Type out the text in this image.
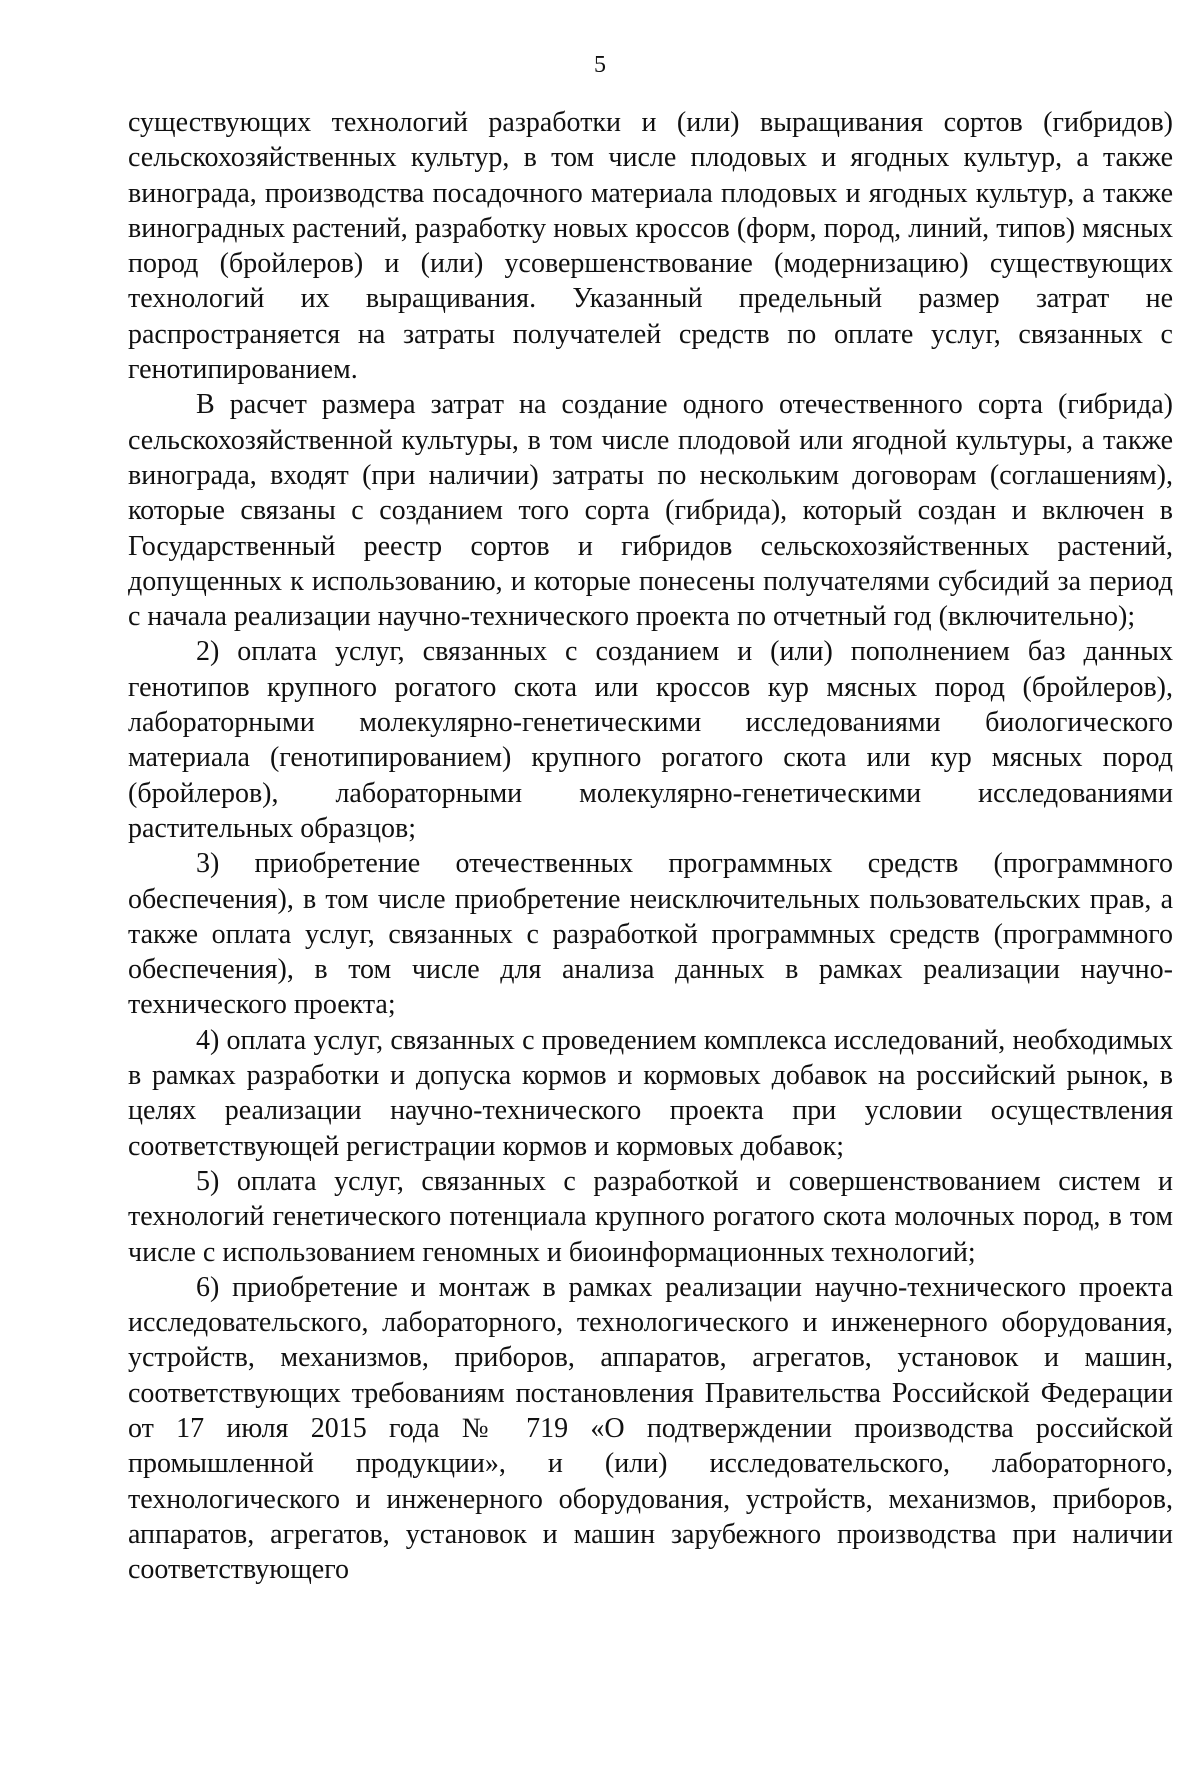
5

существующих технологий разработки и (или) выращивания сортов (гибридов) сельскохозяйственных культур, в том числе плодовых и ягодных культур, а также винограда, производства посадочного материала плодовых и ягодных культур, а также виноградных растений, разработку новых кроссов (форм, пород, линий, типов) мясных пород (бройлеров) и (или) усовершенствование (модернизацию) существующих технологий их выращивания. Указанный предельный размер затрат не распространяется на затраты получателей средств по оплате услуг, связанных с генотипированием.

В расчет размера затрат на создание одного отечественного сорта (гибрида) сельскохозяйственной культуры, в том числе плодовой или ягодной культуры, а также винограда, входят (при наличии) затраты по нескольким договорам (соглашениям), которые связаны с созданием того сорта (гибрида), который создан и включен в Государственный реестр сортов и гибридов сельскохозяйственных растений, допущенных к использованию, и которые понесены получателями субсидий за период с начала реализации научно-технического проекта по отчетный год (включительно);

2) оплата услуг, связанных с созданием и (или) пополнением баз данных генотипов крупного рогатого скота или кроссов кур мясных пород (бройлеров), лабораторными молекулярно-генетическими исследованиями биологического материала (генотипированием) крупного рогатого скота или кур мясных пород (бройлеров), лабораторными молекулярно-генетическими исследованиями растительных образцов;

3) приобретение отечественных программных средств (программного обеспечения), в том числе приобретение неисключительных пользовательских прав, а также оплата услуг, связанных с разработкой программных средств (программного обеспечения), в том числе для анализа данных в рамках реализации научно-технического проекта;

4) оплата услуг, связанных с проведением комплекса исследований, необходимых в рамках разработки и допуска кормов и кормовых добавок на российский рынок, в целях реализации научно-технического проекта при условии осуществления соответствующей регистрации кормов и кормовых добавок;

5) оплата услуг, связанных с разработкой и совершенствованием систем и технологий генетического потенциала крупного рогатого скота молочных пород, в том числе с использованием геномных и биоинформационных технологий;

6) приобретение и монтаж в рамках реализации научно-технического проекта исследовательского, лабораторного, технологического и инженерного оборудования, устройств, механизмов, приборов, аппаратов, агрегатов, установок и машин, соответствующих требованиям постановления Правительства Российской Федерации от 17 июля 2015 года № 719 «О подтверждении производства российской промышленной продукции», и (или) исследовательского, лабораторного, технологического и инженерного оборудования, устройств, механизмов, приборов, аппаратов, агрегатов, установок и машин зарубежного производства при наличии соответствующего
